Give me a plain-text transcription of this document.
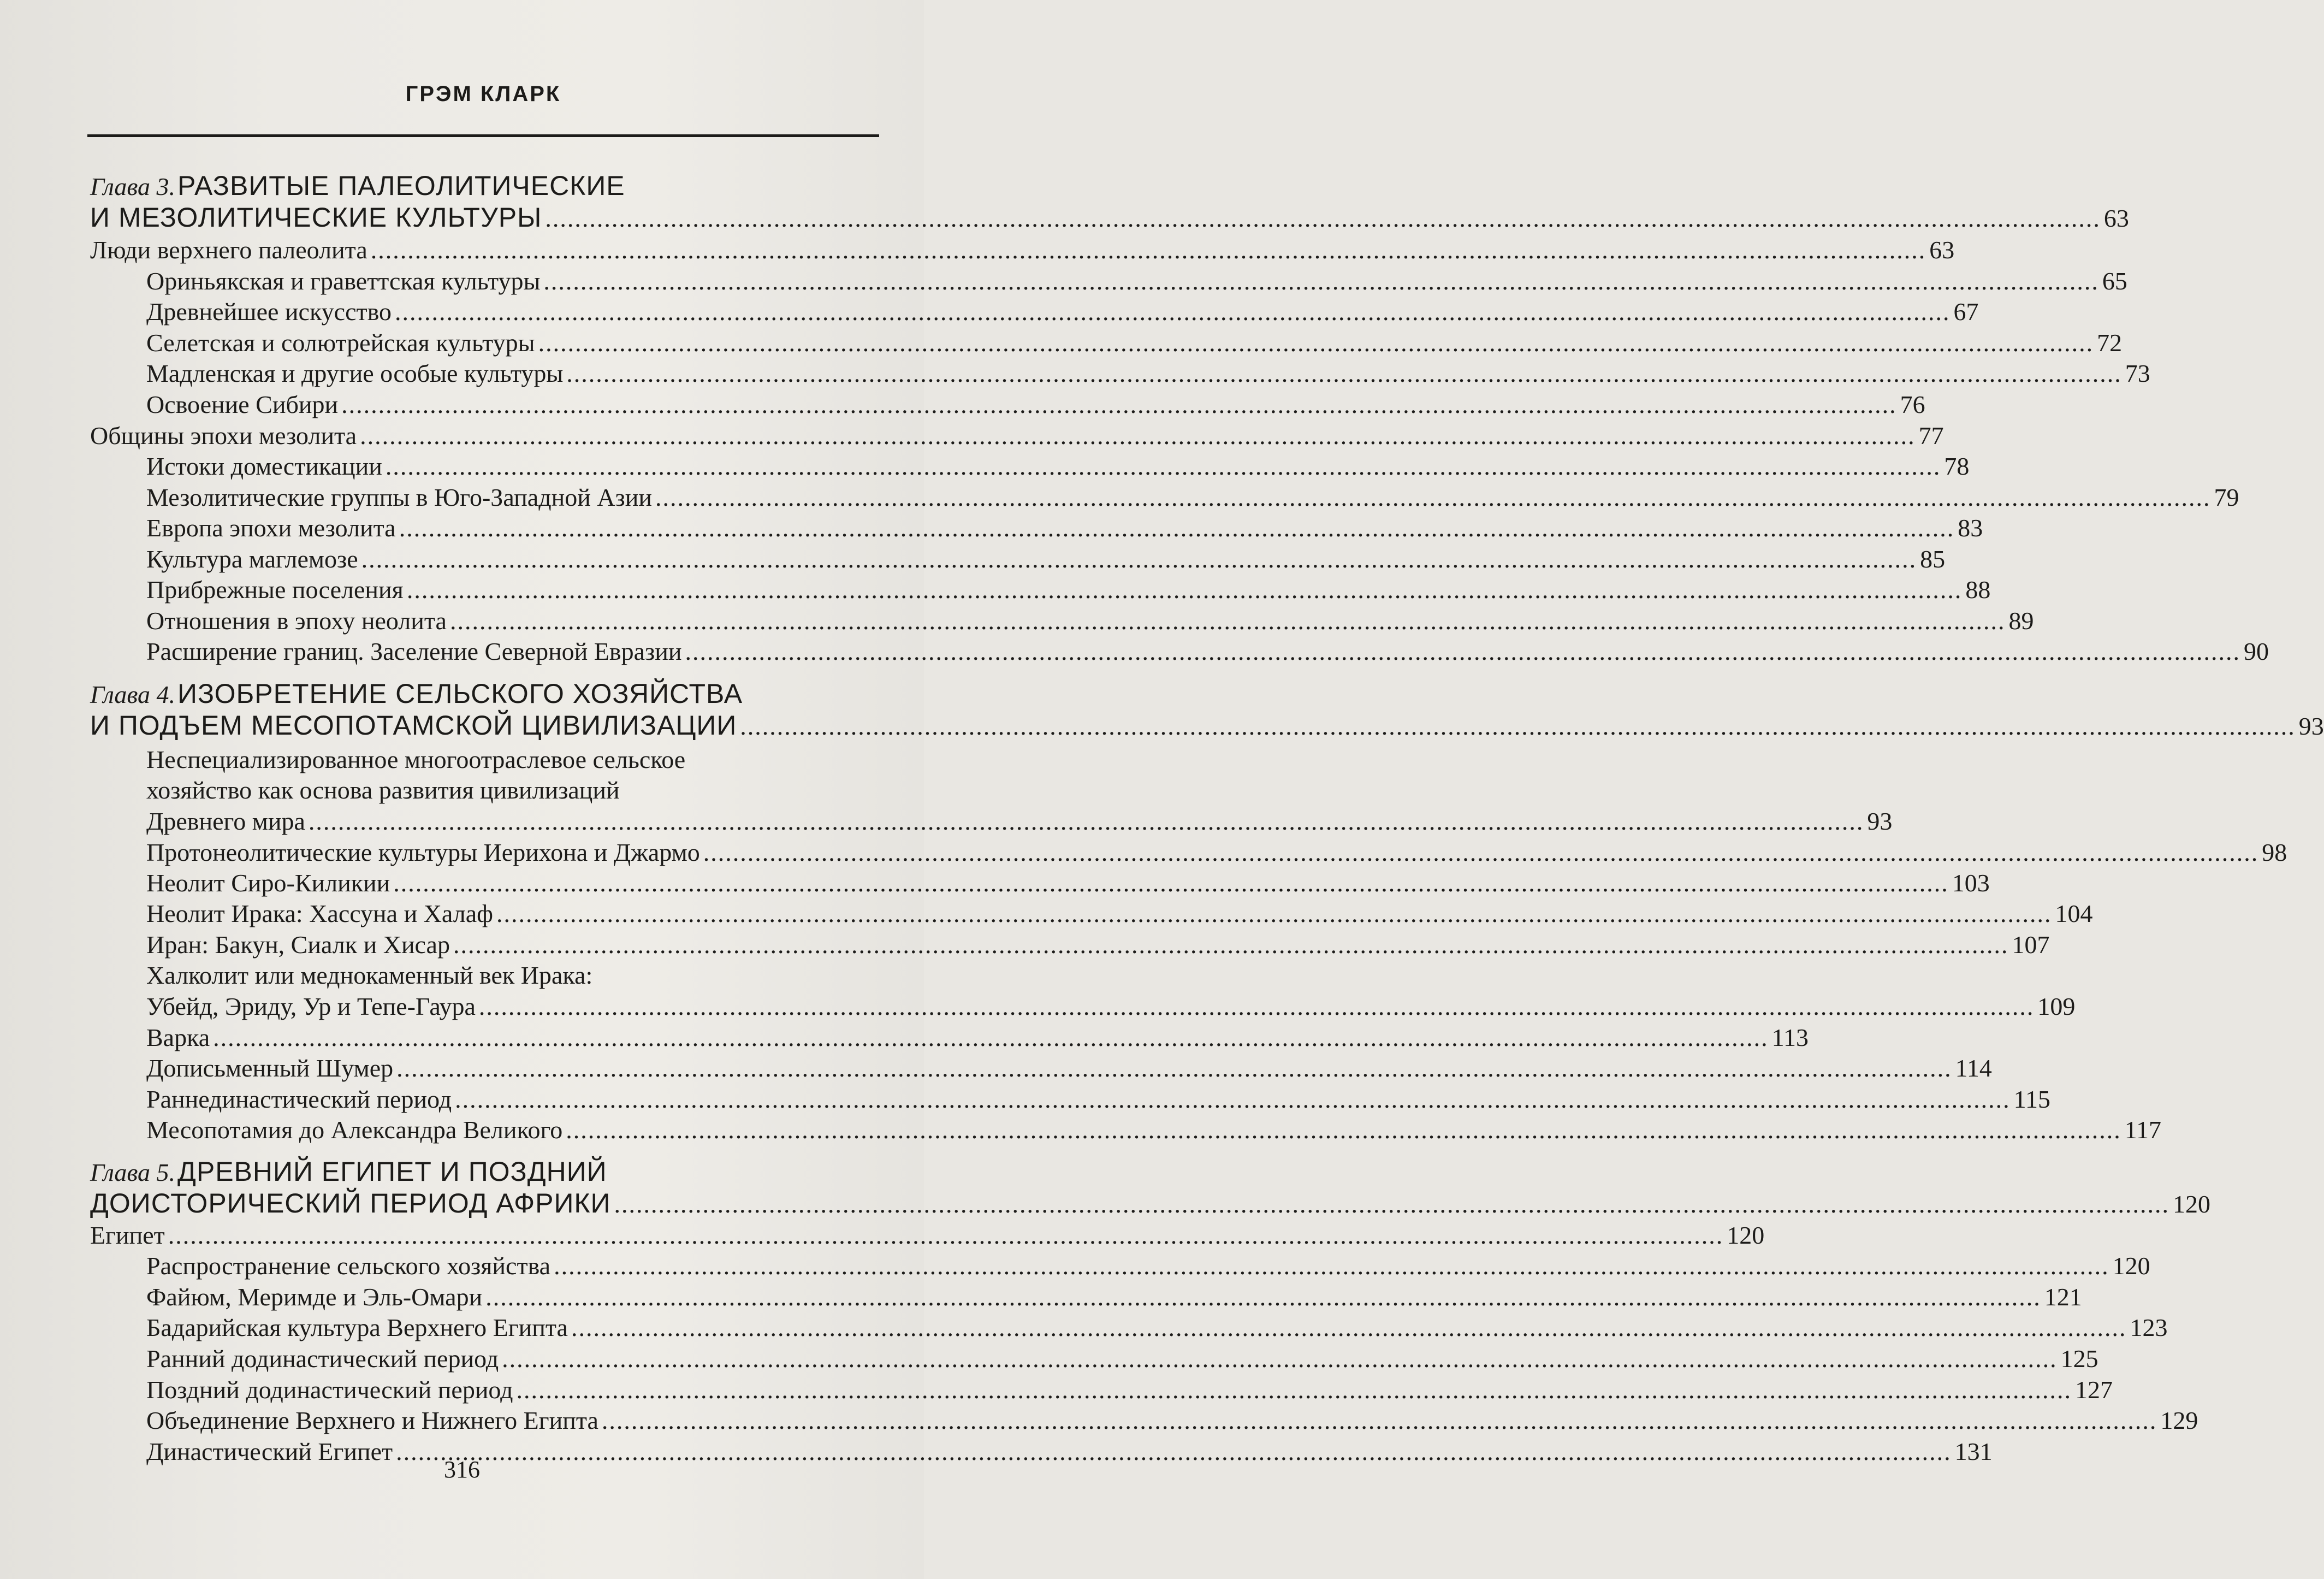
ГРЭМ КЛАРК
Глава 3. РАЗВИТЫЕ ПАЛЕОЛИТИЧЕСКИЕ
И МЕЗОЛИТИЧЕСКИЕ КУЛЬТУРЫ .....	63
Люди верхнего палеолита .....	63
Ориньякская и граветтская культуры .....	65
Древнейшее искусство .....	67
Селетская и солютрейская культуры .....	72
Мадленская и другие особые культуры .....	73
Освоение Сибири .....	76
Общины эпохи мезолита .....	77
Истоки доместикации .....	78
Мезолитические группы в Юго-Западной Азии .....	79
Европа эпохи мезолита .....	83
Культура маглемозе .....	85
Прибрежные поселения .....	88
Отношения в эпоху неолита .....	89
Расширение границ. Заселение Северной Евразии .....	90
Глава 4. ИЗОБРЕТЕНИЕ СЕЛЬСКОГО ХОЗЯЙСТВА
И ПОДЪЕМ МЕСОПОТАМСКОЙ ЦИВИЛИЗАЦИИ .....	93
Неспециализированное многоотраслевое сельское
хозяйство как основа развития цивилизаций
Древнего мира .....	93
Протонеолитические культуры Иерихона и Джармо .....	98
Неолит Сиро-Киликии .....	103
Неолит Ирака: Хассуна и Халаф .....	104
Иран: Бакун, Сиалк и Хисар .....	107
Халколит или меднокаменный век Ирака:
Убейд, Эриду, Ур и Тепе-Гаура .....	109
Варка .....	113
Дописьменный Шумер .....	114
Раннединастический период .....	115
Месопотамия до Александра Великого .....	117
Глава 5. ДРЕВНИЙ ЕГИПЕТ И ПОЗДНИЙ
ДОИСТОРИЧЕСКИЙ ПЕРИОД АФРИКИ .....	120
Египет .....	120
Распространение сельского хозяйства .....	120
Файюм, Меримде и Эль-Омари .....	121
Бадарийская культура Верхнего Египта .....	123
Ранний додинастический период .....	125
Поздний додинастический период .....	127
Объединение Верхнего и Нижнего Египта .....	129
Династический Египет .....	131
316
